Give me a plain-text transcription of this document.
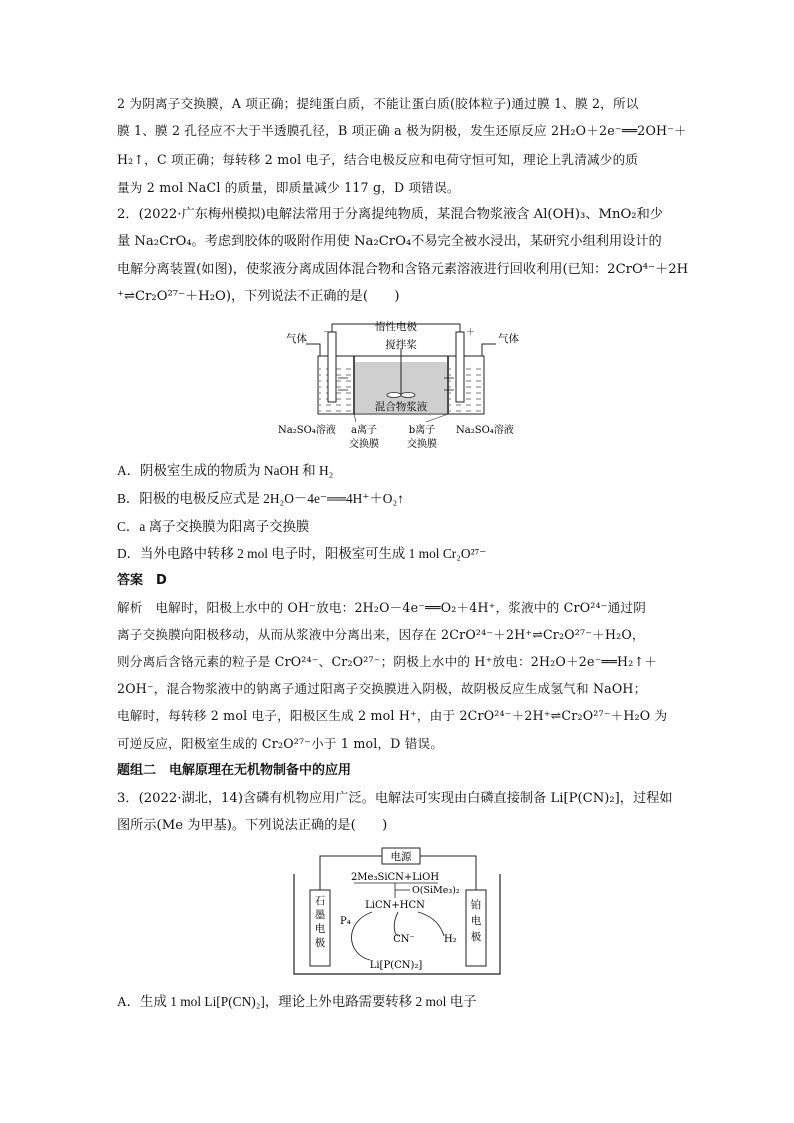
2 为阴离子交换膜，A 项正确；提纯蛋白质，不能让蛋白质(胶体粒子)通过膜 1、膜 2，所以
膜 1、膜 2 孔径应不大于半透膜孔径，B 项正确 a 极为阴极，发生还原反应 2H₂O＋2e⁻══2OH⁻＋
H₂↑，C 项正确；每转移 2 mol 电子，结合电极反应和电荷守恒可知，理论上乳清减少的质
量为 2 mol NaCl 的质量，即质量减少 117 g，D 项错误。
2．(2022·广东梅州模拟)电解法常用于分离提纯物质，某混合物浆液含 Al(OH)₃、MnO₂和少
量 Na₂CrO₄。考虑到胶体的吸附作用使 Na₂CrO₄不易完全被水浸出，某研究小组利用设计的
电解分离装置(如图)，使浆液分离成固体混合物和含铬元素溶液进行回收利用(已知：2CrO⁴⁻＋2H
⁺⇌Cr₂O²⁷⁻＋H₂O)，下列说法不正确的是(　　)
惰性电极
－	＋
气体	气体
搅拌桨
混合物浆液
Na₂SO₄溶液	Na₂SO₄溶液
a离子
交换膜
b离子
交换膜
A．阴极室生成的物质为 NaOH 和 H₂
B．阳极的电极反应式是 2H₂O－4e⁻══4H⁺＋O₂↑
C．a 离子交换膜为阳离子交换膜
D．当外电路中转移 2 mol 电子时，阳极室可生成 1 mol Cr₂O²⁷⁻
答案　D
解析　电解时，阳极上水中的 OH⁻放电：2H₂O－4e⁻══O₂＋4H⁺，浆液中的 CrO²⁴⁻通过阴
离子交换膜向阳极移动，从而从浆液中分离出来，因存在 2CrO²⁴⁻＋2H⁺⇌Cr₂O²⁷⁻＋H₂O，
则分离后含铬元素的粒子是 CrO²⁴⁻、Cr₂O²⁷⁻；阴极上水中的 H⁺放电：2H₂O＋2e⁻══H₂↑＋
2OH⁻，混合物浆液中的钠离子通过阳离子交换膜进入阴极，故阴极反应生成氢气和 NaOH；
电解时，每转移 2 mol 电子，阳极区生成 2 mol H⁺，由于 2CrO²⁴⁻＋2H⁺⇌Cr₂O²⁷⁻＋H₂O 为
可逆反应，阳极室生成的 Cr₂O²⁷⁻小于 1 mol，D 错误。
题组二　电解原理在无机物制备中的应用
3．(2022·湖北，14)含磷有机物应用广泛。电解法可实现由白磷直接制备 Li[P(CN)₂]，过程如
图所示(Me 为甲基)。下列说法正确的是(　　)
电源
石
墨
电
极
铂
电
极
2Me₃SiCN+LiOH
O(SiMe₃)₂
LiCN+HCN
P₄
CN⁻	H₂
Li[P(CN)₂]
A．生成 1 mol Li[P(CN)₂]，理论上外电路需要转移 2 mol 电子
